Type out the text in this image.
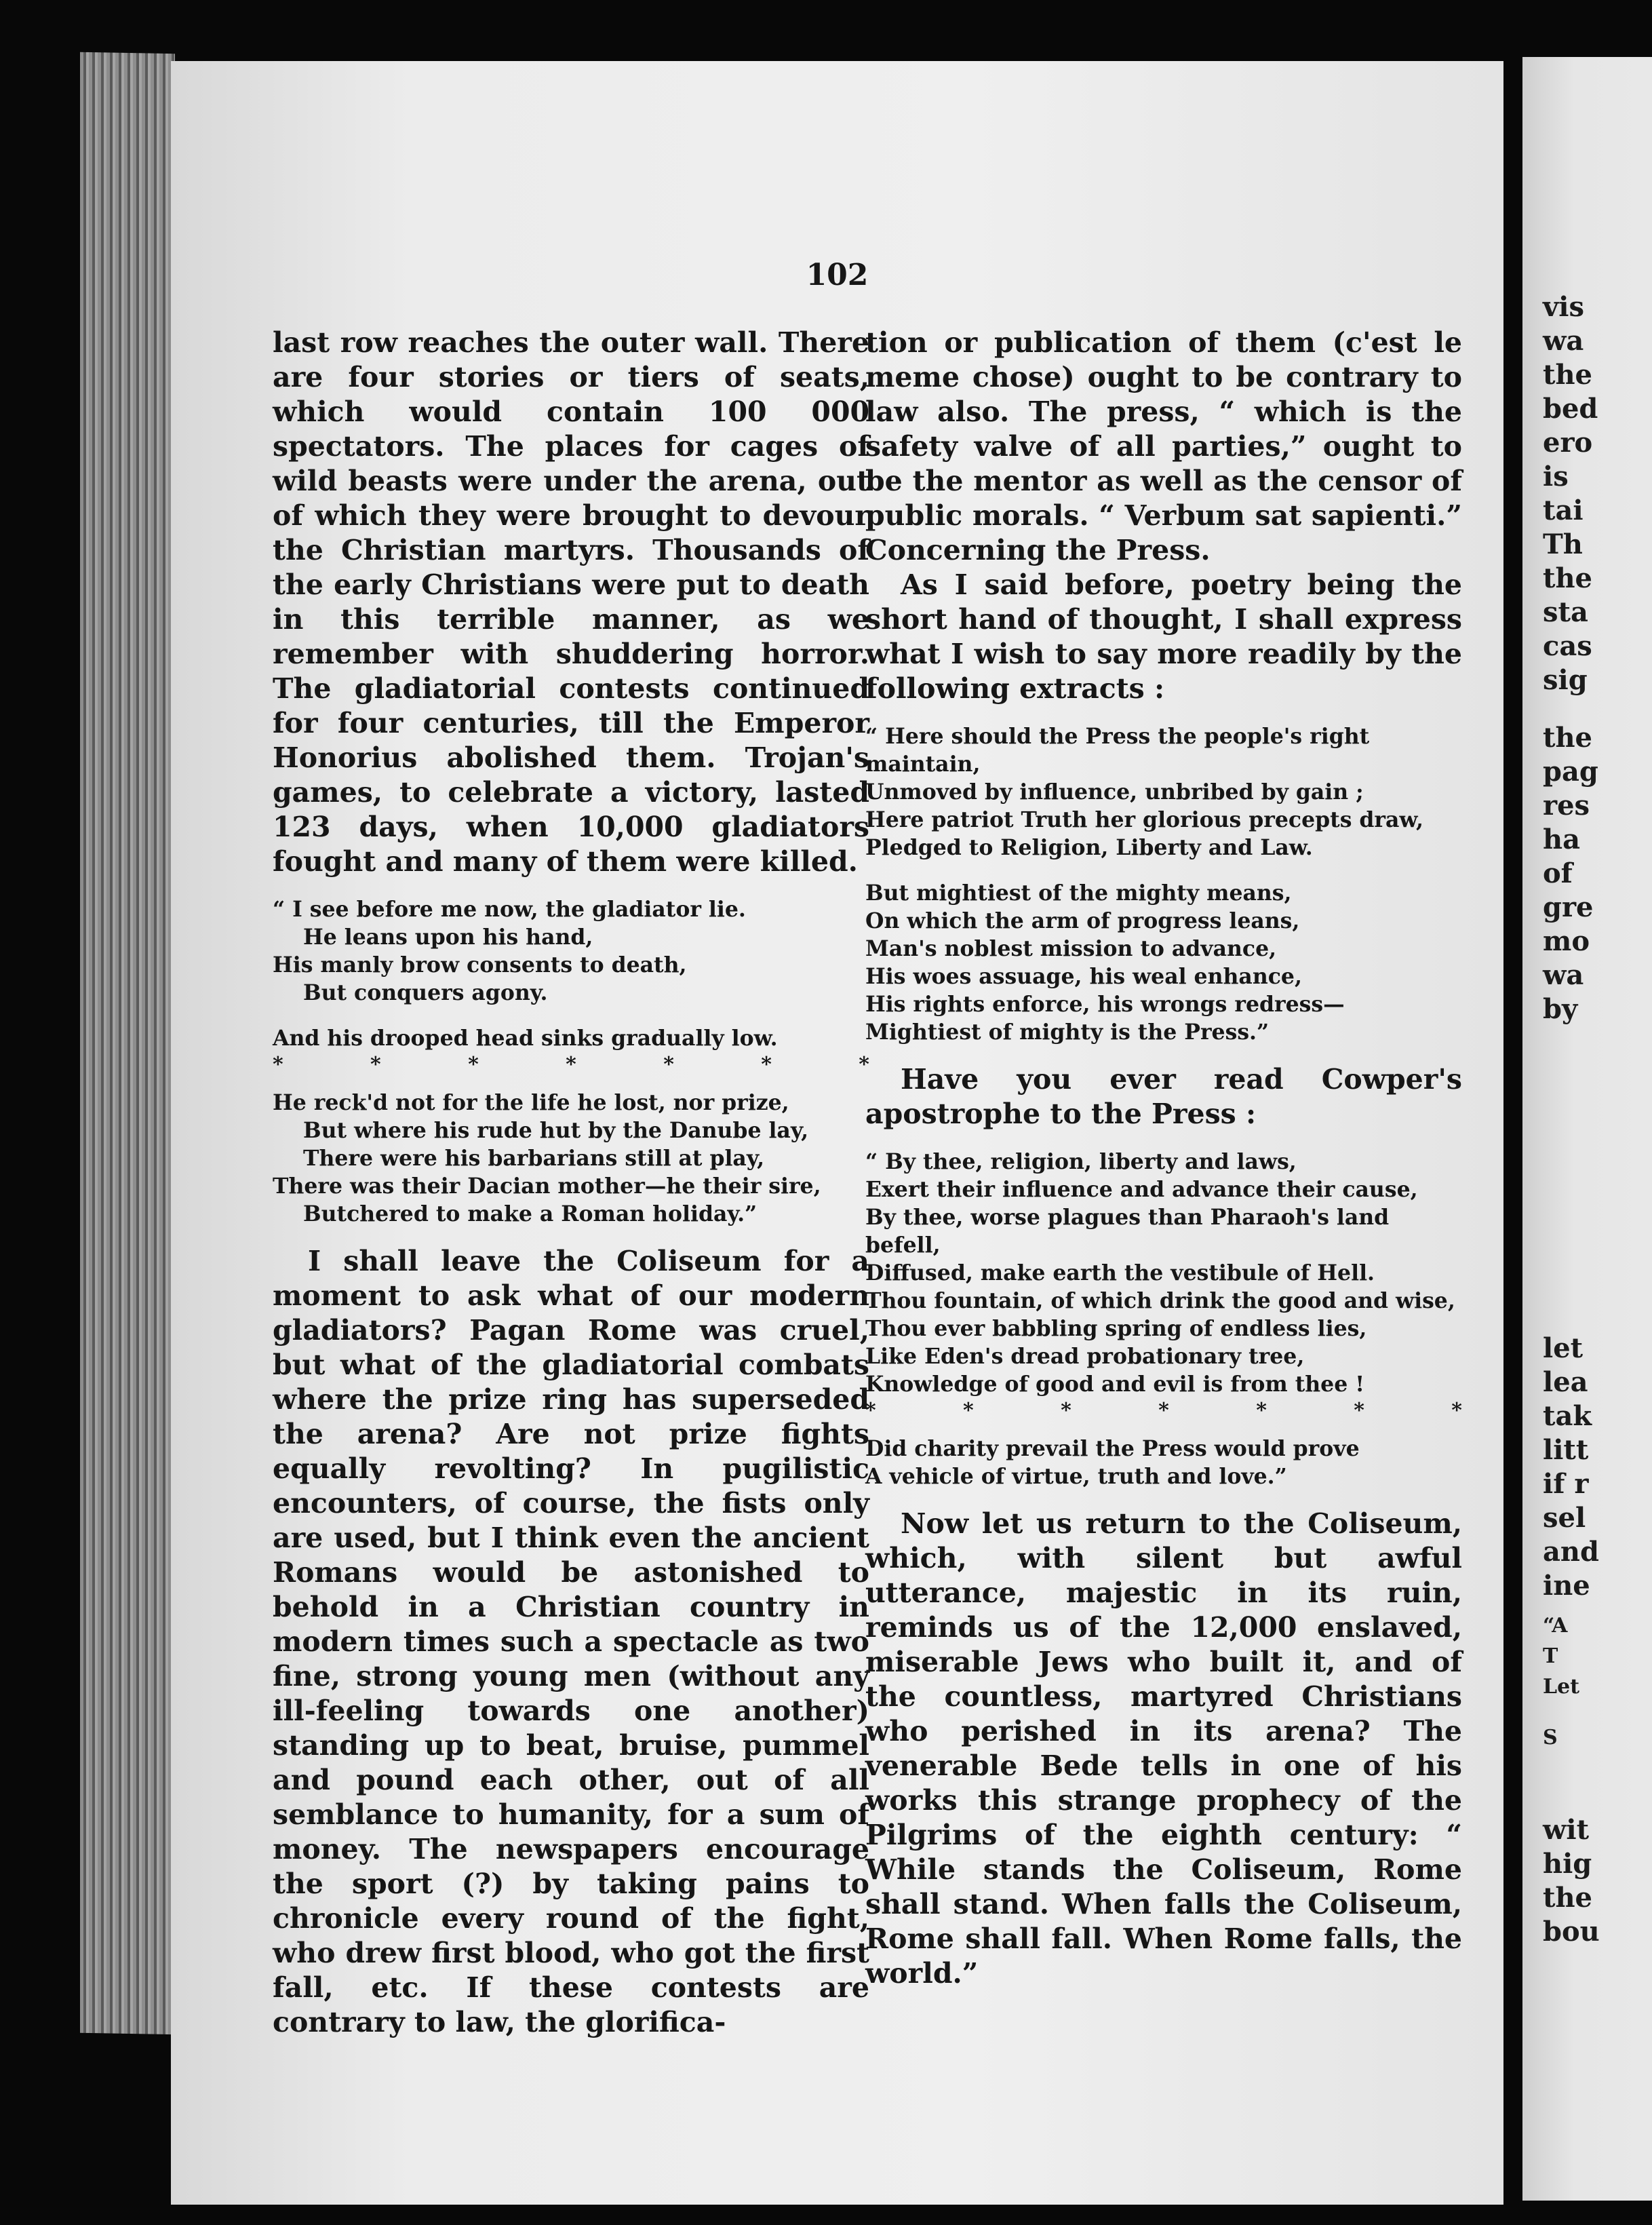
102

last row reaches the outer wall. There are four stories or tiers of seats, which would contain 100 000 spectators. The places for cages of wild beasts were under the arena, out of which they were brought to devour the Christian martyrs. Thousands of the early Christians were put to death in this terrible manner, as we remember with shuddering horror. The gladiatorial contests continued for four centuries, till the Emperor Honorius abolished them. Trojan's games, to celebrate a victory, lasted 123 days, when 10,000 gladiators fought and many of them were killed.

“ I see before me now, the gladiator lie.
He leans upon his hand,
His manly brow consents to death,
But conquers agony.
And his drooped head sinks gradually low.
*	*	*	*	*	*	*
He reck'd not for the life he lost, nor prize,
But where his rude hut by the Danube lay,
There were his barbarians still at play,
There was their Dacian mother—he their sire,
Butchered to make a Roman holiday.”

I shall leave the Coliseum for a moment to ask what of our modern gladiators? Pagan Rome was cruel, but what of the gladiatorial combats where the prize ring has superseded the arena? Are not prize fights equally revolting? In pugilistic encounters, of course, the fists only are used, but I think even the ancient Romans would be astonished to behold in a Christian country in modern times such a spectacle as two fine, strong young men (without any ill-feeling towards one another) standing up to beat, bruise, pummel and pound each other, out of all semblance to humanity, for a sum of money. The newspapers encourage the sport (?) by taking pains to chronicle every round of the fight, who drew first blood, who got the first fall, etc. If these contests are contrary to law, the glorifica-

tion or publication of them (c'est le meme chose) ought to be contrary to law also. The press, “ which is the safety valve of all parties,” ought to be the mentor as well as the censor of public morals. “ Verbum sat sapienti.” Concerning the Press.

As I said before, poetry being the short hand of thought, I shall express what I wish to say more readily by the following extracts :

“ Here should the Press the people's right maintain,
Unmoved by influence, unbribed by gain ;
Here patriot Truth her glorious precepts draw,
Pledged to Religion, Liberty and Law.
But mightiest of the mighty means,
On which the arm of progress leans,
Man's noblest mission to advance,
His woes assuage, his weal enhance,
His rights enforce, his wrongs redress—
Mightiest of mighty is the Press.”

Have you ever read Cowper's apostrophe to the Press :

“ By thee, religion, liberty and laws,
Exert their influence and advance their cause,
By thee, worse plagues than Pharaoh's land befell,
Diffused, make earth the vestibule of Hell.
Thou fountain, of which drink the good and wise,
Thou ever babbling spring of endless lies,
Like Eden's dread probationary tree,
Knowledge of good and evil is from thee !
*	*	*	*	*	*	*
Did charity prevail the Press would prove
A vehicle of virtue, truth and love.”

Now let us return to the Coliseum, which, with silent but awful utterance, majestic in its ruin, reminds us of the 12,000 enslaved, miserable Jews who built it, and of the countless, martyred Christians who perished in its arena? The venerable Bede tells in one of his works this strange prophecy of the Pilgrims of the eighth century: “ While stands the Coliseum, Rome shall stand. When falls the Coliseum, Rome shall fall. When Rome falls, the world.”

vis
wa
the
bed
ero
is
tai
Th
the
sta
cas
sig
the
pag
res
ha
of
gre
mo
wa
by
let
lea
tak
litt
if r
sel
and
ine
“A
T
Let
S
wit
hig
the
bou
